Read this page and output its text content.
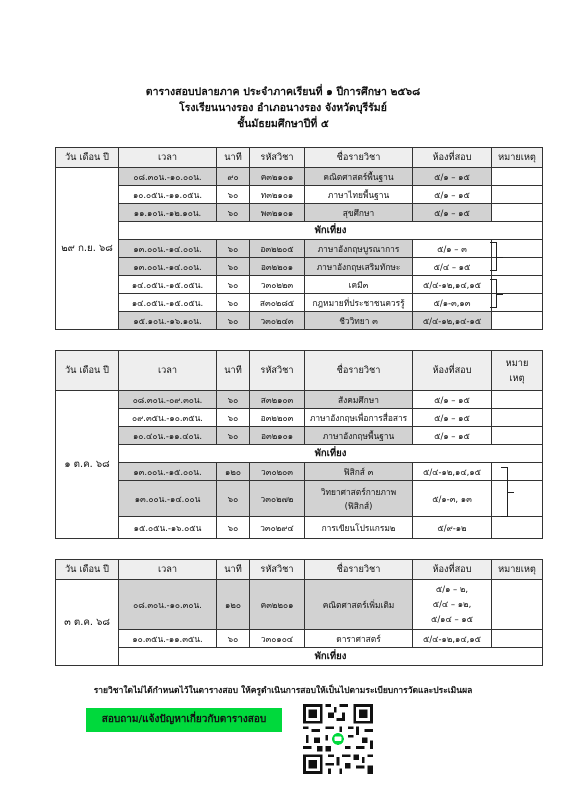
ตารางสอบปลายภาค ประจำภาคเรียนที่ ๑ ปีการศึกษา ๒๕๖๘
โรงเรียนนางรอง อำเภอนางรอง จังหวัดบุรีรัมย์
ชั้นมัธยมศึกษาปีที่ ๕
วัน เดือน ปี	เวลา	นาที	รหัสวิชา	ชื่อรายวิชา	ห้องที่สอบ	หมายเหตุ
๒๙ ก.ย. ๖๘	๐๘.๓๐น.-๑๐.๐๐น.	๙๐	ค๓๒๑๐๑	คณิตศาสตร์พื้นฐาน	๕/๑ – ๑๕	
	๑๐.๐๕น.-๑๑.๐๕น.	๖๐	ท๓๒๑๐๑	ภาษาไทยพื้นฐาน	๕/๑ – ๑๕	
	๑๑.๑๐น.-๑๒.๑๐น.	๖๐	พ๓๒๑๐๑	สุขศึกษา	๕/๑ – ๑๕	
	พักเที่ยง					
	๑๓.๐๐น.-๑๔.๐๐น.	๖๐	อ๓๒๒๐๕	ภาษาอังกฤษบูรณาการ	๕/๑ – ๓	
	๑๓.๐๐น.-๑๔.๐๐น.	๖๐	อ๓๒๒๐๑	ภาษาอังกฤษเสริมทักษะ	๕/๔ – ๑๕	
	๑๔.๐๕น.-๑๕.๐๕น.	๖๐	ว๓๐๒๒๓	เคมี๓	๕/๔-๑๒,๑๔,๑๕	
	๑๔.๐๕น.-๑๕.๐๕น.	๖๐	ส๓๐๒๘๕	กฎหมายที่ประชาชนควรรู้	๕/๑-๓,๑๓	
	๑๕.๑๐น.-๑๖.๑๐น.	๖๐	ว๓๐๒๔๓	ชีววิทยา ๓	๕/๔-๑๒,๑๔-๑๕	
วัน เดือน ปี	เวลา	นาที	รหัสวิชา	ชื่อรายวิชา	ห้องที่สอบ	หมาย
เหตุ

๑ ต.ค. ๖๘	๐๘.๓๐น.-๐๙.๓๐น.	๖๐	ส๓๒๑๐๓	สังคมศึกษา	๕/๑ – ๑๕	
	๐๙.๓๕น.-๑๐.๓๕น.	๖๐	อ๓๒๒๐๓	ภาษาอังกฤษเพื่อการสื่อสาร	๕/๑ – ๑๕	
	๑๐.๔๐น.-๑๑.๔๐น.	๖๐	อ๓๒๑๐๑	ภาษาอังกฤษพื้นฐาน	๕/๑ – ๑๕	
	พักเที่ยง					
	๑๓.๐๐น.-๑๕.๐๐น.	๑๒๐	ว๓๐๒๐๓	ฟิสิกส์ ๓	๕/๔-๑๒,๑๔,๑๕	
	๑๓.๐๐น.-๑๔.๐๐น	๖๐	ว๓๐๒๗๒	วิทยาศาสตร์กายภาพ
(ฟิสิกส์)	๕/๑-๓, ๑๓	
	๑๕.๐๕น.-๑๖.๐๕น	๖๐	ว๓๐๒๙๔	การเขียนโปรแกรม๒	๕/๙-๑๒	
วัน เดือน ปี	เวลา	นาที	รหัสวิชา	ชื่อรายวิชา	ห้องที่สอบ	หมายเหตุ
๓ ต.ค. ๖๘	๐๘.๓๐น.-๑๐.๓๐น.	๑๒๐	ค๓๒๒๐๑	คณิตศาสตร์เพิ่มเติม	๕/๑ – ๒,
๕/๔ – ๑๒,
๕/๑๔ – ๑๕	

	๑๐.๓๕น.-๑๑.๓๕น.	๖๐	ว๓๐๑๐๔	ดาราศาสตร์	๕/๔-๑๒,๑๔,๑๕	
	พักเที่ยง					
รายวิชาใดไม่ได้กำหนดไว้ในตารางสอบ ให้ครูดำเนินการสอบให้เป็นไปตามระเบียบการวัดและประเมินผล
สอบถาม/แจ้งปัญหาเกี่ยวกับตารางสอบ
